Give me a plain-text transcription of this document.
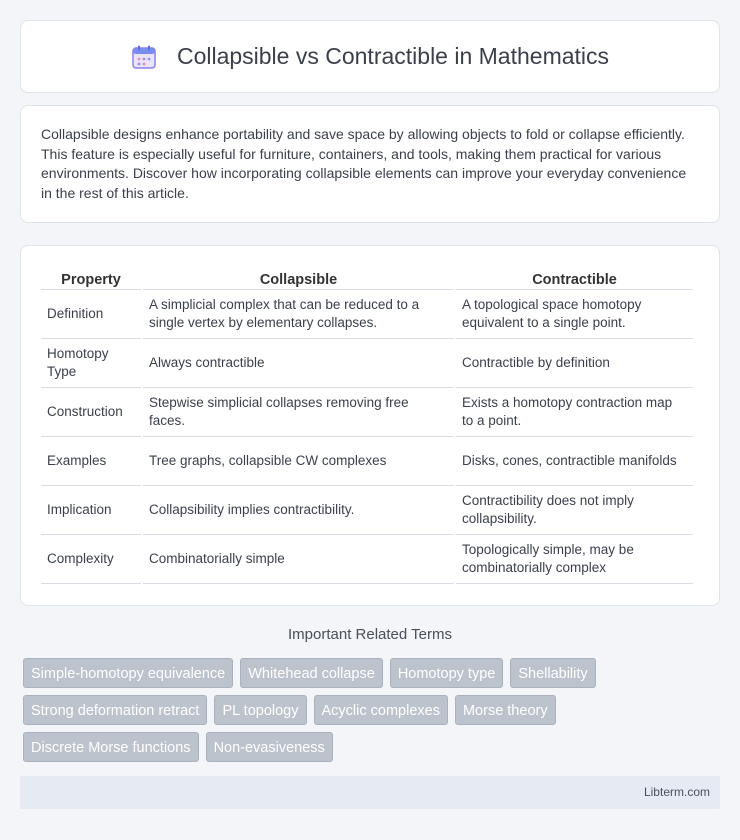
Collapsible vs Contractible in Mathematics

Collapsible designs enhance portability and save space by allowing objects to fold or collapse efficiently. This feature is especially useful for furniture, containers, and tools, making them practical for various environments. Discover how incorporating collapsible elements can improve your everyday convenience in the rest of this article.

Property	Collapsible	Contractible
Definition	A simplicial complex that can be reduced to a single vertex by elementary collapses.	A topological space homotopy equivalent to a single point.
Homotopy Type	Always contractible	Contractible by definition
Construction	Stepwise simplicial collapses removing free faces.	Exists a homotopy contraction map to a point.
Examples	Tree graphs, collapsible CW complexes	Disks, cones, contractible manifolds
Implication	Collapsibility implies contractibility.	Contractibility does not imply collapsibility.
Complexity	Combinatorially simple	Topologically simple, may be combinatorially complex
Important Related Terms
Simple-homotopy equivalence	Whitehead collapse	Homotopy type	Shellability
Strong deformation retract	PL topology	Acyclic complexes	Morse theory
Discrete Morse functions	Non-evasiveness
Libterm.com
